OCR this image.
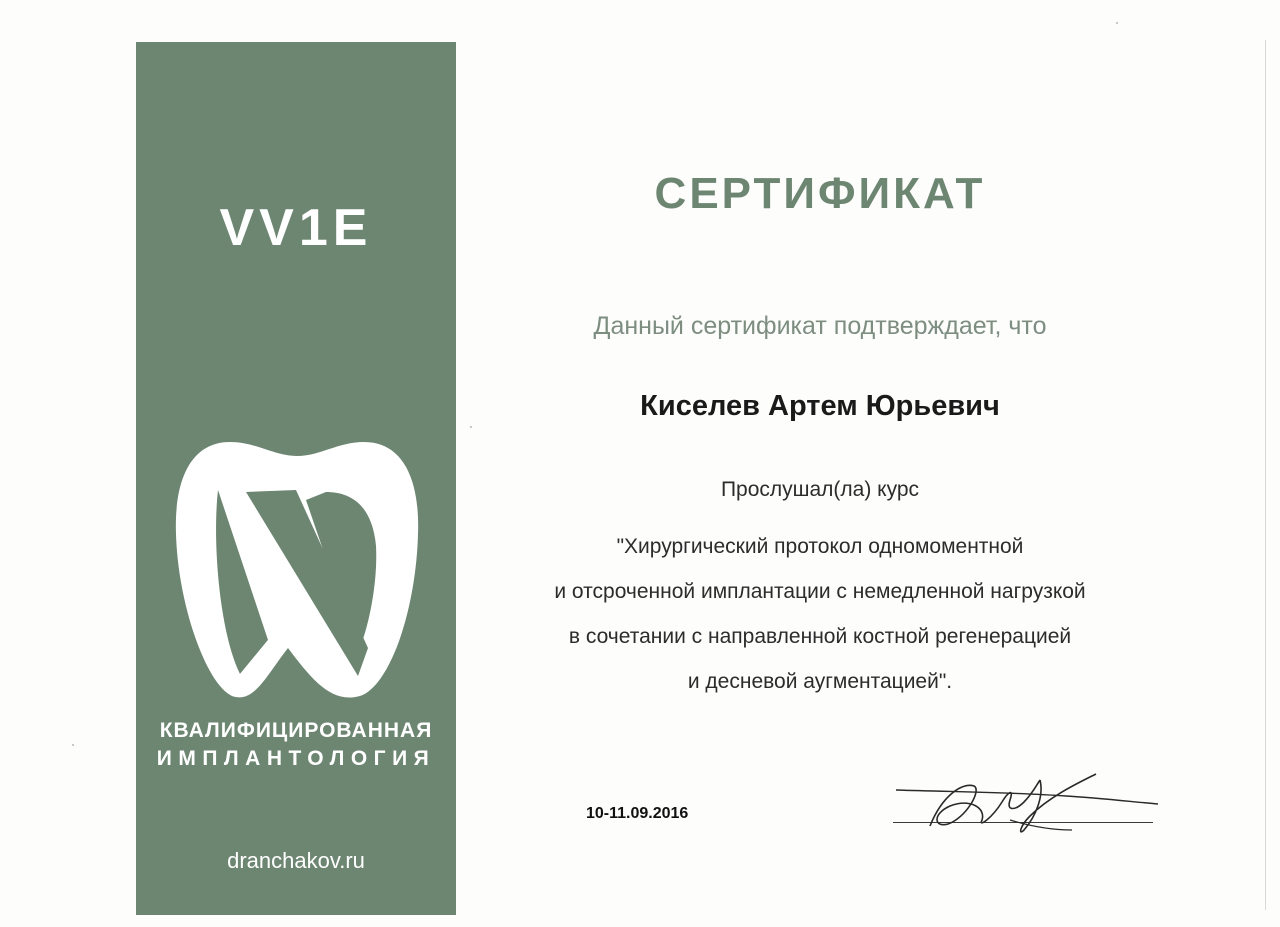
VV1E
КВАЛИФИЦИРОВАННАЯ
ИМПЛАНТОЛОГИЯ
dranchakov.ru
СЕРТИФИКАТ
Данный сертификат подтверждает, что
Киселев Артем Юрьевич
Прослушал(ла) курс
"Хирургический протокол одномоментной
и отсроченной имплантации с немедленной нагрузкой
в сочетании с направленной костной регенерацией
и десневой аугментацией".
10-11.09.2016
